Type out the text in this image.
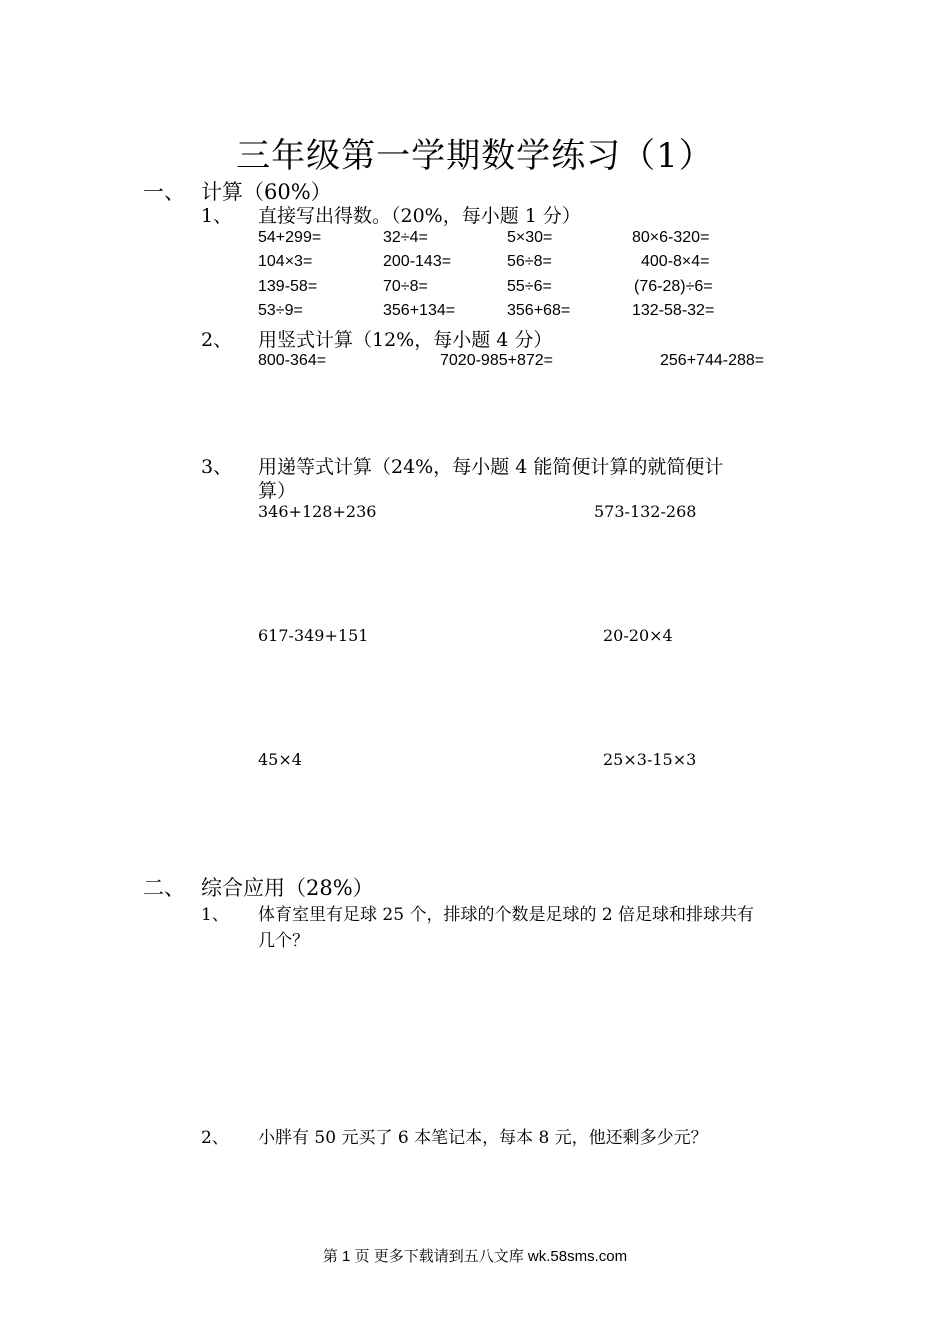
三年级第一学期数学练习（1）
一、 计算（60%）
1、 直接写出得数。（20%，每小题 1 分）
54+299=	32÷4=	5×30=	80×6-320=
104×3=	200-143=	56÷8=	400-8×4=
139-58=	70÷8=	55÷6=	(76-28)÷6=
53÷9=	356+134=	356+68=	132-58-32=
2、 用竖式计算（12%，每小题 4 分）
800-364=	7020-985+872=	256+744-288=
3、 用递等式计算（24%，每小题 4 能简便计算的就简便计
算）
346+128+236	573-132-268
617-349+151	20-20×4
45×4	25×3-15×3
二、 综合应用（28%）
1、 体育室里有足球 25 个，排球的个数是足球的 2 倍足球和排球共有
几个？
2、 小胖有 50 元买了 6 本笔记本，每本 8 元，他还剩多少元？
第 1 页 更多下载请到五八文库 wk.58sms.com
